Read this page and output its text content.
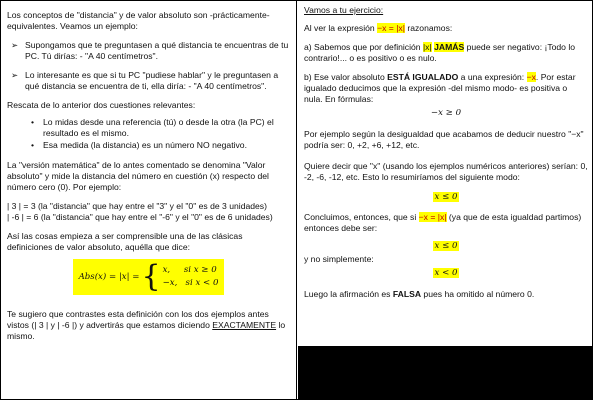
Los conceptos de "distancia" y de valor absoluto son -prácticamente- equivalentes. Veamos un ejemplo:

➢ Supongamos que te preguntasen a qué distancia te encuentras de tu PC. Tú dirías: - "A 40 centímetros".
➢ Lo interesante es que si tu PC "pudiese hablar" y le preguntasen a qué distancia se encuentra de ti, ella diría: - "A 40 centímetros".

Rescata de lo anterior dos cuestiones relevantes:

•	Lo midas desde una referencia (tú) o desde la otra (la PC) el resultado es el mismo.
•	Esa medida (la distancia) es un número NO negativo.

La "versión matemática" de lo antes comentado se denomina "Valor absoluto" y mide la distancia del número en cuestión (x) respecto del número cero (0). Por ejemplo:

| 3 | = 3 (la "distancia" que hay entre el "3" y el "0" es de 3 unidades)

| -6 | = 6 (la "distancia" que hay entre el "-6" y el "0" es de 6 unidades)

Así las cosas empieza a ser comprensible una de las clásicas definiciones de valor absoluto, aquélla que dice:

Abs(x) = |x| = { x,     si x ≥ 0
−x,   si x < 0

Te sugiero que contrastes esta definición con los dos ejemplos antes vistos (| 3 | y | -6 |) y advertirás que estamos diciendo EXACTAMENTE lo mismo.

Vamos a tu ejercicio:

Al ver la expresión −x = |x| razonamos:

a) Sabemos que por definición |x| JAMÁS puede ser negativo: ¡Todo lo contrario!... o es positivo o es nulo.

b) Ese valor absoluto ESTÁ IGUALADO a una expresión: −x. Por estar igualado deducimos que la expresión -del mismo modo- es positiva o nula. En fórmulas:

−x ≥ 0

Por ejemplo según la desigualdad que acabamos de deducir nuestro "−x" podría ser: 0, +2, +6, +12, etc.

Quiere decir que "x" (usando los ejemplos numéricos anteriores) serían: 0, -2, -6, -12, etc. Esto lo resumiríamos del siguiente modo:

x ≤ 0

Concluimos, entonces, que si −x = |x| (ya que de esta igualdad partimos) entonces debe ser:

x ≤ 0

y no simplemente:

x < 0

Luego la afirmación es FALSA pues ha omitido al número 0.
